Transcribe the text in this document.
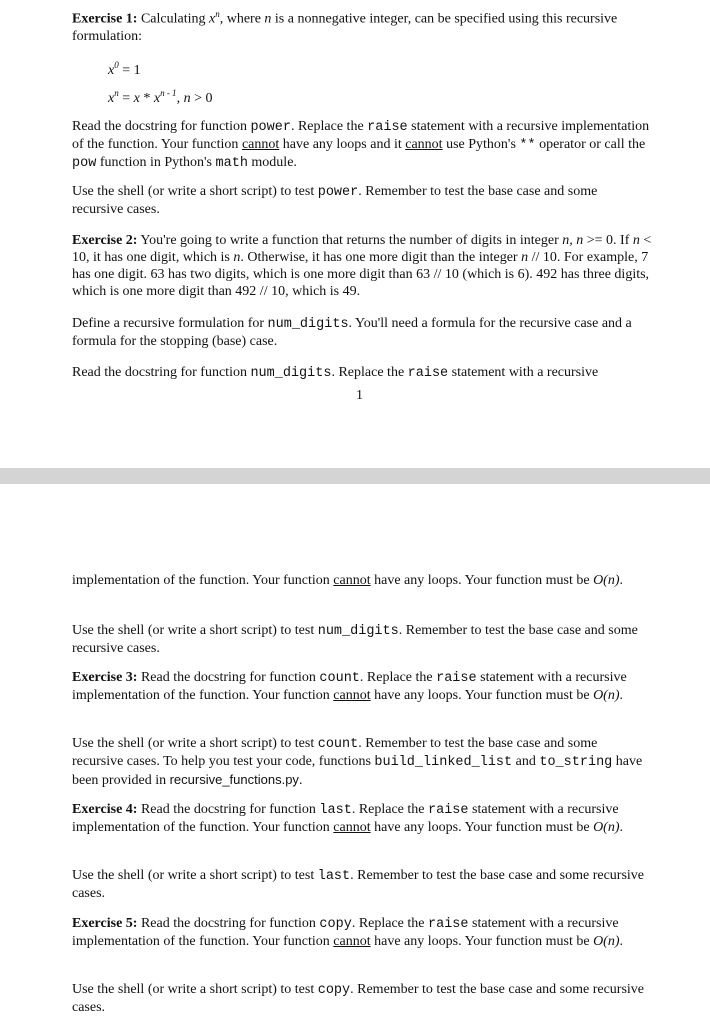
Exercise 1: Calculating $x^n$, where n is a nonnegative integer, can be specified using this recursive formulation:

$x^0 = 1$
$x^n = x * x^{n - 1}$, n > 0

Read the docstring for function power. Replace the raise statement with a recursive implementation of the function. Your function cannot have any loops and it cannot use Python's ** operator or call the pow function in Python's math module.

Use the shell (or write a short script) to test power. Remember to test the base case and some recursive cases.

Exercise 2: You're going to write a function that returns the number of digits in integer n, n >= 0. If n < 10, it has one digit, which is n. Otherwise, it has one more digit than the integer n // 10. For example, 7 has one digit. 63 has two digits, which is one more digit than 63 // 10 (which is 6). 492 has three digits, which is one more digit than 492 // 10, which is 49.

Define a recursive formulation for num_digits. You'll need a formula for the recursive case and a formula for the stopping (base) case.

Read the docstring for function num_digits. Replace the raise statement with a recursive

1

implementation of the function. Your function cannot have any loops. Your function must be O(n).

Use the shell (or write a short script) to test num_digits. Remember to test the base case and some recursive cases.

Exercise 3: Read the docstring for function count. Replace the raise statement with a recursive implementation of the function. Your function cannot have any loops. Your function must be O(n).

Use the shell (or write a short script) to test count. Remember to test the base case and some recursive cases. To help you test your code, functions build_linked_list and to_string have been provided in recursive_functions.py.

Exercise 4: Read the docstring for function last. Replace the raise statement with a recursive implementation of the function. Your function cannot have any loops. Your function must be O(n).

Use the shell (or write a short script) to test last. Remember to test the base case and some recursive cases.

Exercise 5: Read the docstring for function copy. Replace the raise statement with a recursive implementation of the function. Your function cannot have any loops. Your function must be O(n).

Use the shell (or write a short script) to test copy. Remember to test the base case and some recursive cases.
